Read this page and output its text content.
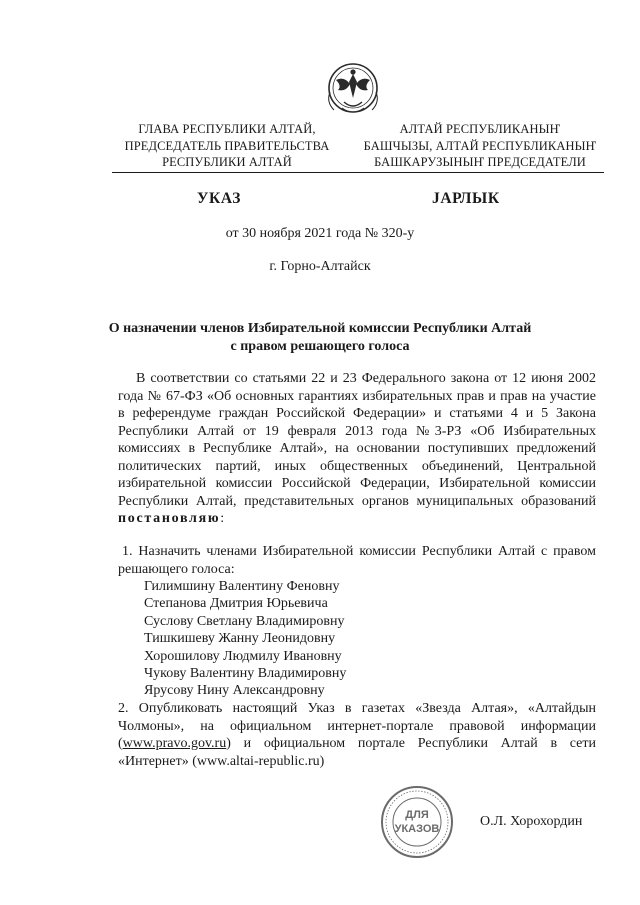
ГЛАВА РЕСПУБЛИКИ АЛТАЙ,
ПРЕДСЕДАТЕЛЬ ПРАВИТЕЛЬСТВА
РЕСПУБЛИКИ АЛТАЙ
АЛТАЙ РЕСПУБЛИКАНЫҤ
БАШЧЫЗЫ, АЛТАЙ РЕСПУБЛИКАНЫҤ
БАШКАРУЗЫНЫҤ ПРЕДСЕДАТЕЛИ
УКАЗ	ЈАРЛЫК
от 30 ноября 2021 года № 320-у
г. Горно-Алтайск
О назначении членов Избирательной комиссии Республики Алтай
с правом решающего голоса
В соответствии со статьями 22 и 23 Федерального закона от 12 июня 2002 года № 67-ФЗ «Об основных гарантиях избирательных прав и прав на участие в референдуме граждан Российской Федерации» и статьями 4 и 5 Закона Республики Алтай от 19 февраля 2013 года №3-РЗ «Об Избирательных комиссиях в Республике Алтай», на основании поступивших предложений политических партий, иных общественных объединений, Центральной избирательной комиссии Российской Федерации, Избирательной комиссии Республики Алтай, представительных органов муниципальных образований постановляю:
1. Назначить членами Избирательной комиссии Республики Алтай с правом решающего голоса:
Гилимшину Валентину Феновну
Степанова Дмитрия Юрьевича
Суслову Светлану Владимировну
Тишкишеву Жанну Леонидовну
Хорошилову Людмилу Ивановну
Чукову Валентину Владимировну
Ярусову Нину Александровну
2. Опубликовать настоящий Указ в газетах «Звезда Алтая», «Алтайдын Чолмоны», на официальном интернет-портале правовой информации (www.pravo.gov.ru) и официальном портале Республики Алтай в сети «Интернет» (www.altai-republic.ru)
ДЛЯ
УКАЗОВ	О.Л. Хорохордин
